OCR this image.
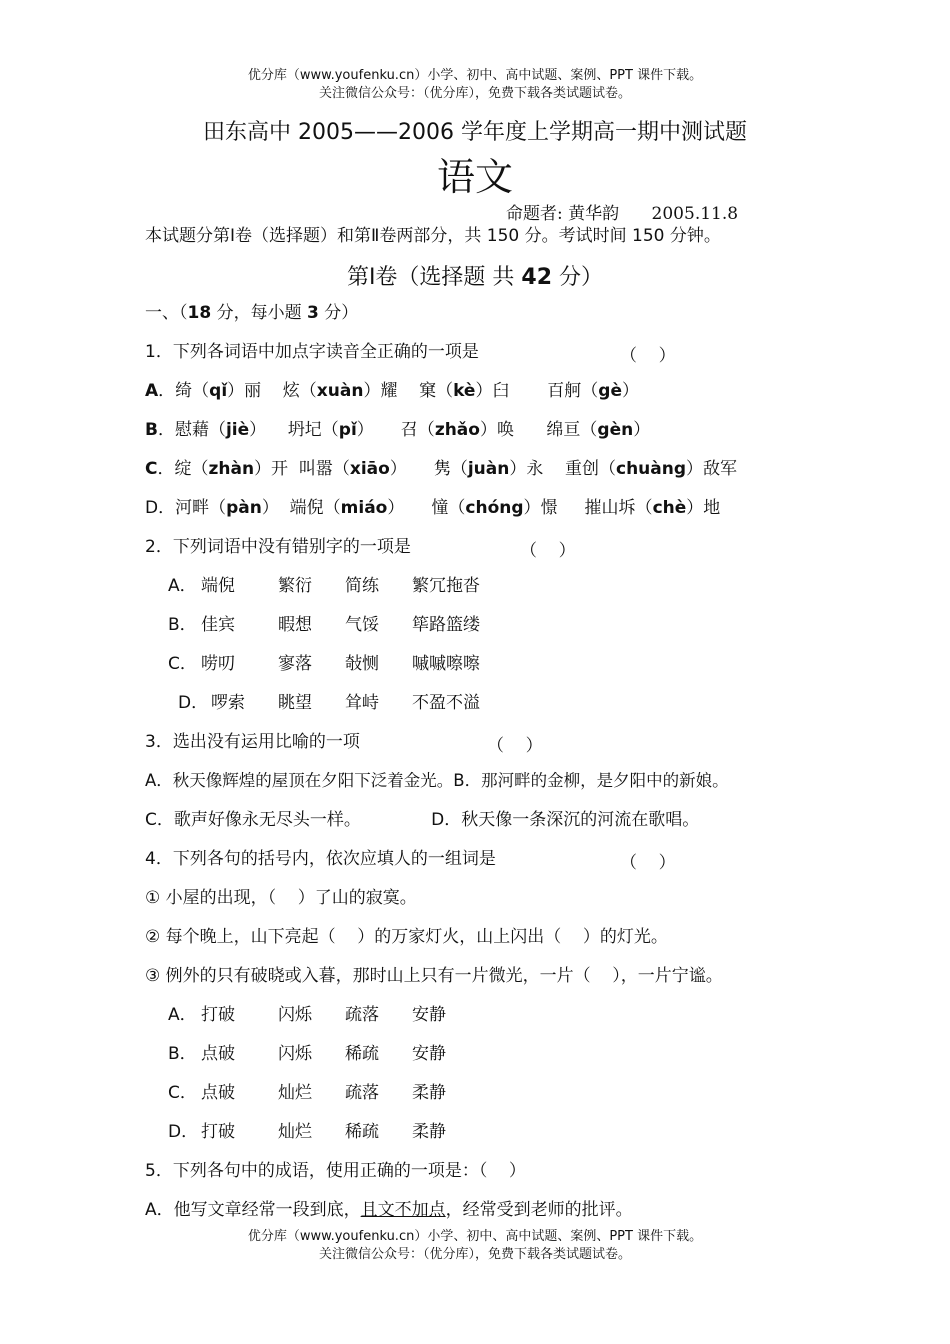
优分库（www.youfenku.cn）小学、初中、高中试题、案例、PPT 课件下载。
关注微信公众号：（优分库），免费下载各类试题试卷。
田东高中 2005——2006 学年度上学期高一期中测试题
语文
命题者: 黄华韵      2005.11.8
本试题分第Ⅰ卷（选择题）和第Ⅱ卷两部分，共 150 分。考试时间 150 分钟。
第Ⅰ卷（选择题 共 42 分）
一、（18 分，每小题 3 分）
1．下列各词语中加点字读音全正确的一项是	（    ）
A．绮（qǐ）丽    炫（xuàn）耀    窠（kè）臼       百舸（gè）
B．慰藉（jiè）    坍圮（pǐ）     召（zhǎo）唤      绵亘（gèn）
C．绽（zhàn）开  叫嚣（xiāo）     隽（juàn）永    重创（chuàng）敌军
D．河畔（pàn）  端倪（miáo）     憧（chóng）憬     摧山坼（chè）地
2．下列词语中没有错别字的一项是	（    ）
A． 端倪	繁衍 简练 繁冗拖沓
B． 佳宾	暇想 气馁 筚路篮缕
C． 唠叨	寥落 敧恻 嘁嘁嚓嚓
D． 啰索 眺望 耸峙 不盈不溢
3．选出没有运用比喻的一项	（    ）
A．秋天像辉煌的屋顶在夕阳下泛着金光。B．那河畔的金柳，是夕阳中的新娘。
C．歌声好像永无尽头一样。             D．秋天像一条深沉的河流在歌唱。
4．下列各句的括号内，依次应填人的一组词是	（    ）
① 小屋的出现，（    ）了山的寂寞。
② 每个晚上，山下亮起（    ）的万家灯火，山上闪出（    ）的灯光。
③ 例外的只有破晓或入暮，那时山上只有一片微光，一片（    ），一片宁谧。
A． 打破	闪烁 疏落 安静
B． 点破	闪烁 稀疏 安静
C． 点破	灿烂 疏落 柔静
D． 打破	灿烂 稀疏 柔静
5．下列各句中的成语，使用正确的一项是：（    ）
A．他写文章经常一段到底，且文不加点，经常受到老师的批评。
优分库（www.youfenku.cn）小学、初中、高中试题、案例、PPT 课件下载。
关注微信公众号：（优分库），免费下载各类试题试卷。
